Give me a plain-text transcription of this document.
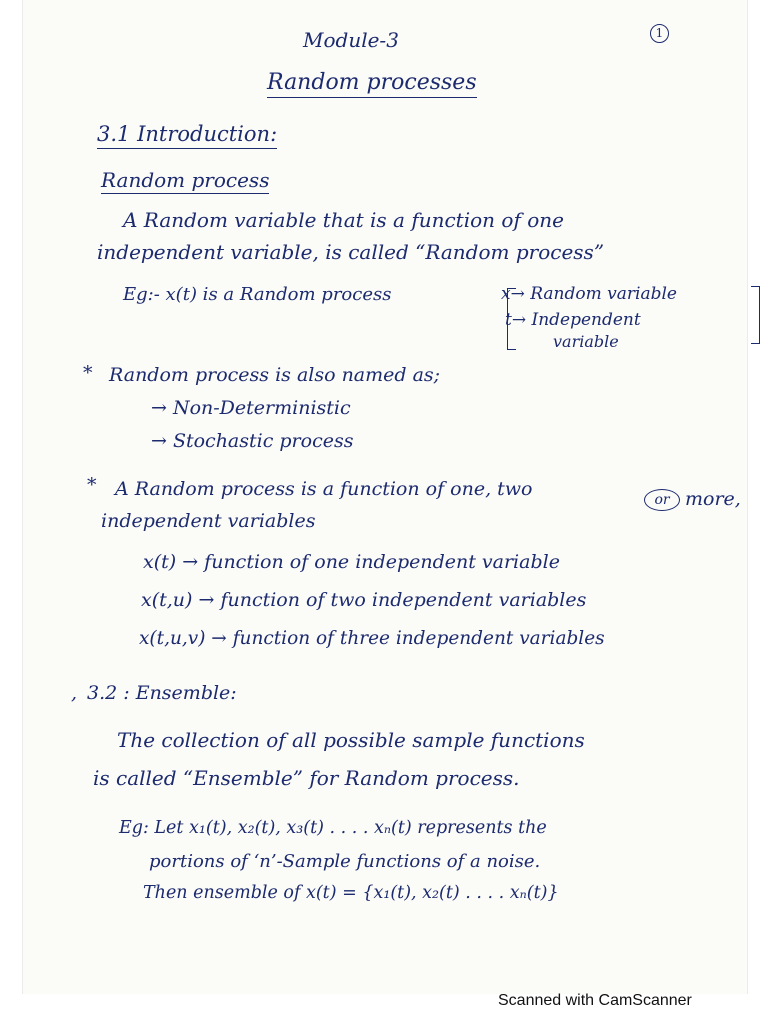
Module-3	1
Random processes
3.1 Introduction:
Random process
A Random variable that is a function of one
independent variable, is called “Random process”
Eg:- x(t) is a Random process	x→ Random variable
t→ Independent
variable
* Random process is also named as;
→ Non-Deterministic
→ Stochastic process
* A Random process is a function of one, two	or more,
independent variables
x(t) → function of one independent variable
x(t,u) → function of two independent variables
x(t,u,v) → function of three independent variables
, 3.2 : Ensemble:
The collection of all possible sample functions
is called “Ensemble” for Random process.
Eg: Let x₁(t), x₂(t), x₃(t) . . . . xₙ(t) represents the
portions of ‘n’-Sample functions of a noise.
Then ensemble of x(t) = {x₁(t), x₂(t) . . . . xₙ(t)}
Scanned with CamScanner
